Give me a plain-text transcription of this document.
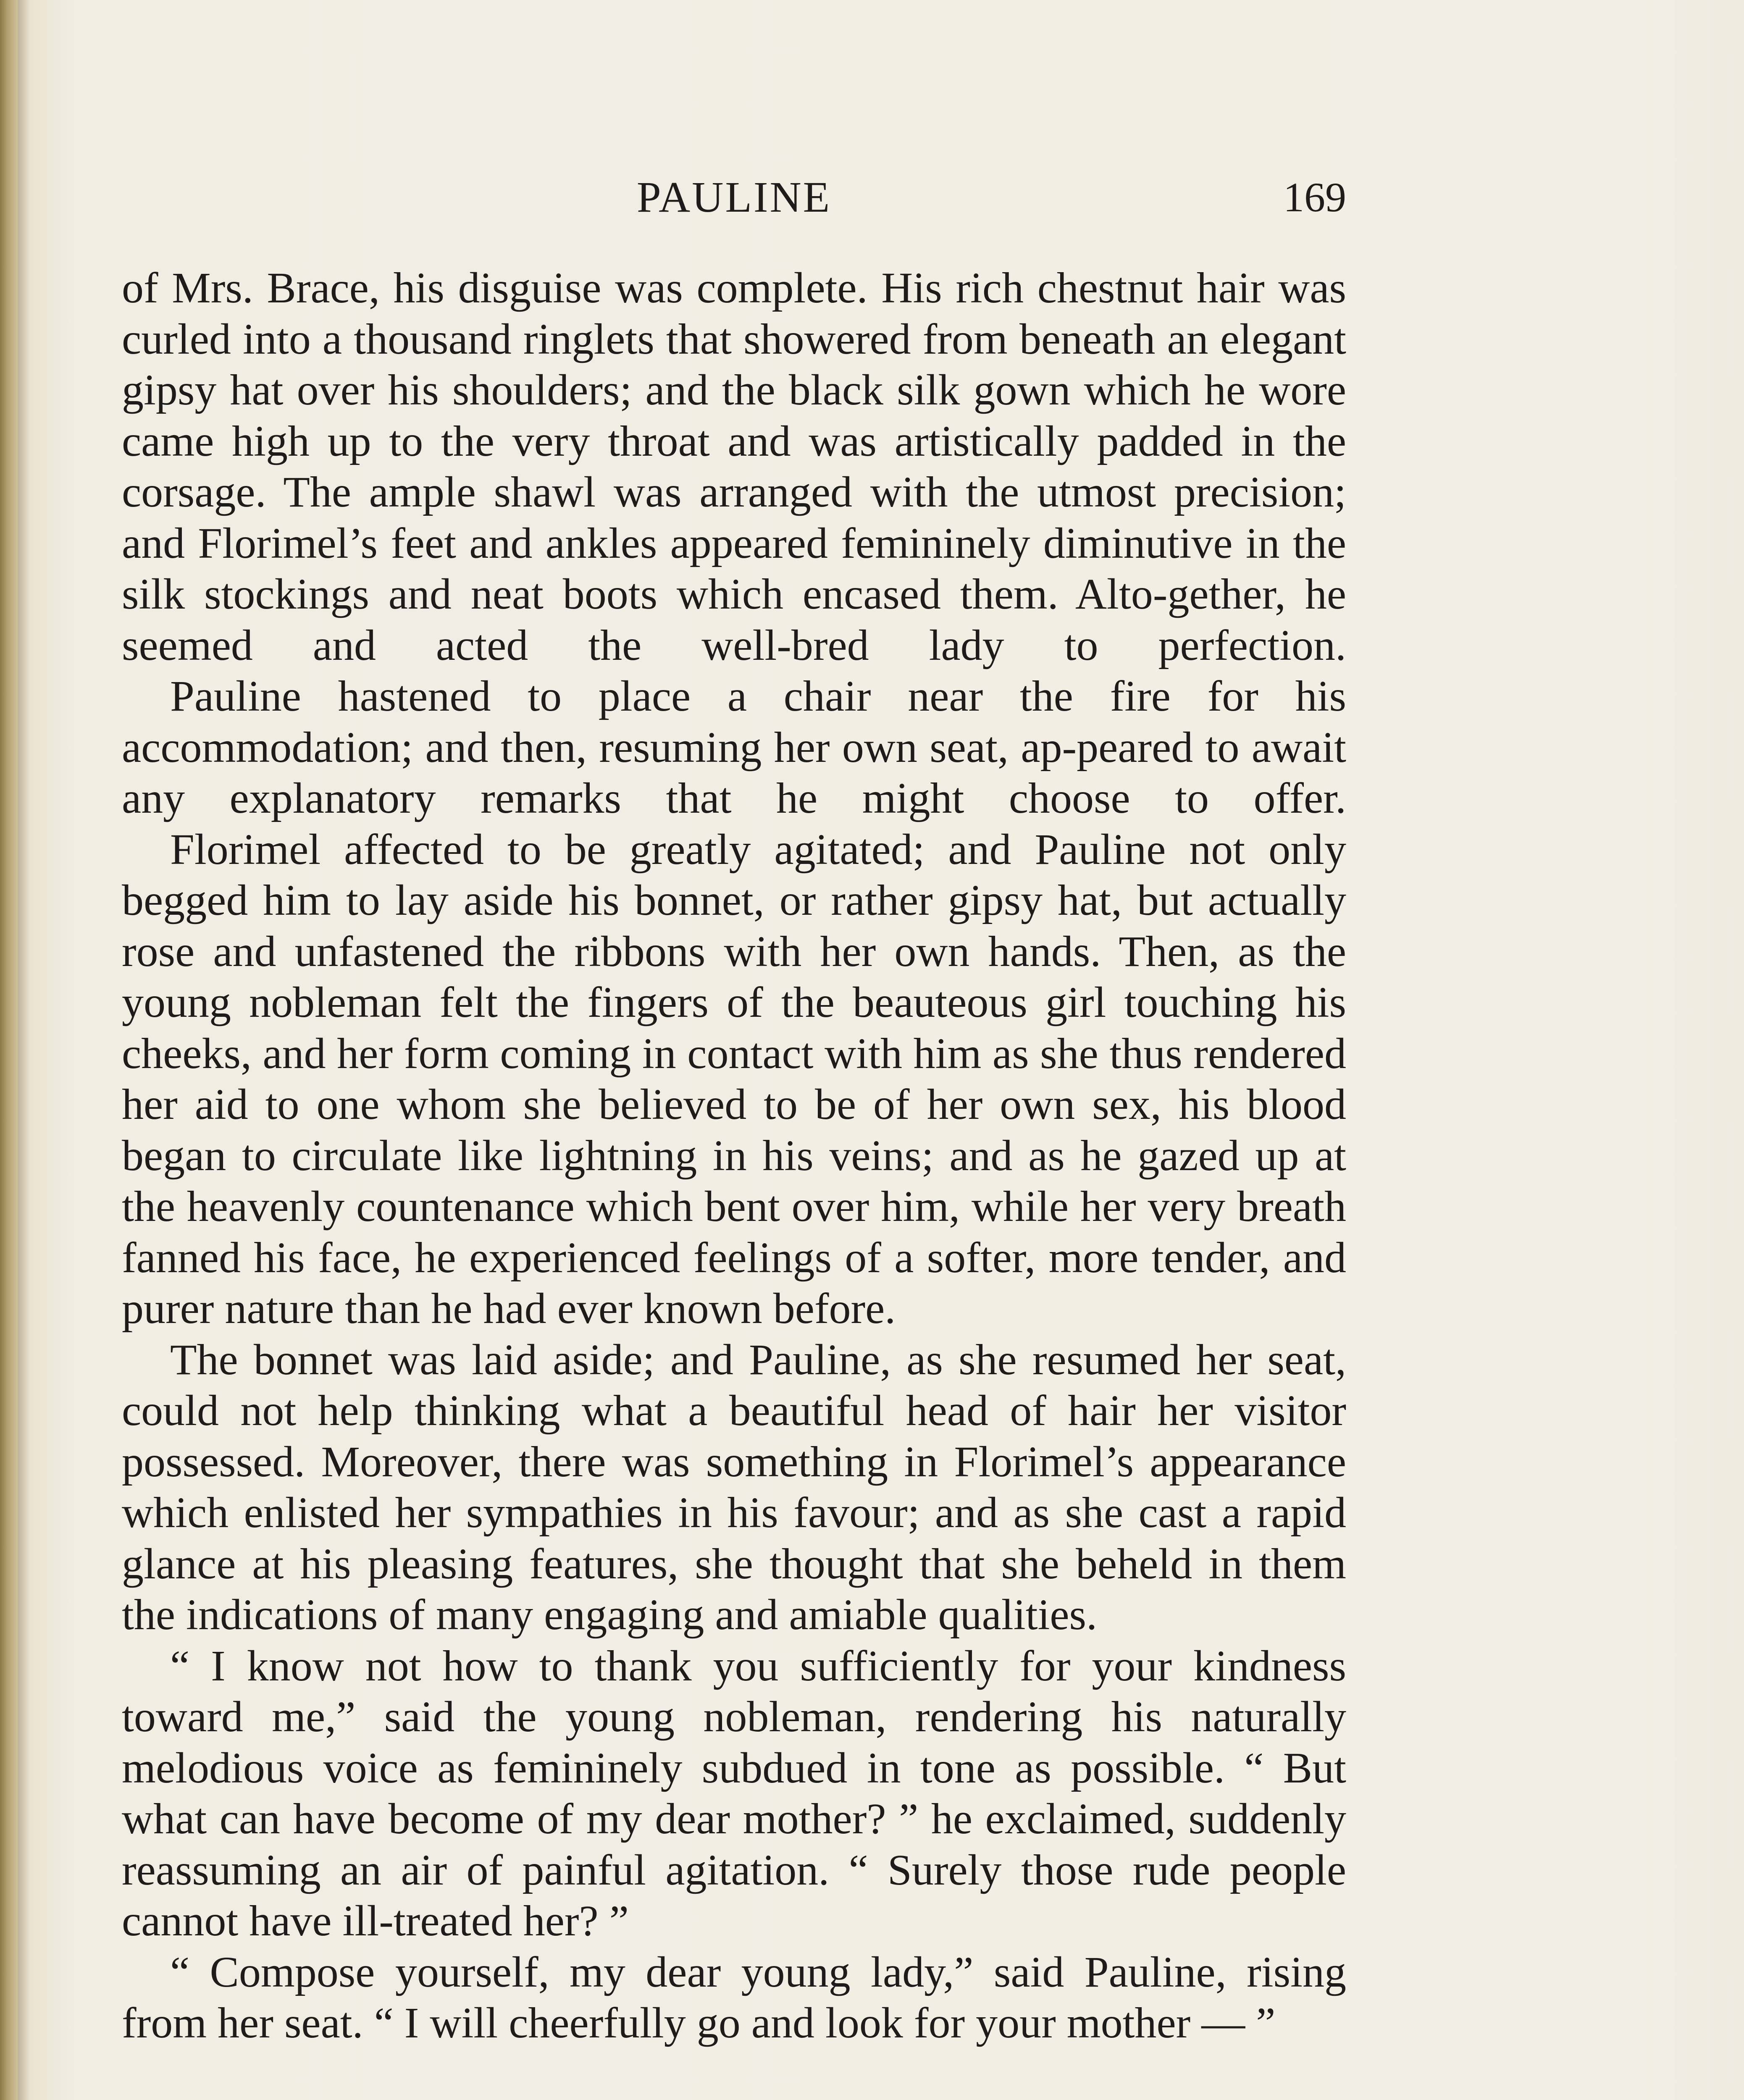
PAULINE	169

of Mrs. Brace, his disguise was complete. His rich chestnut hair was curled into a thousand ringlets that showered from beneath an elegant gipsy hat over his shoulders; and the black silk gown which he wore came high up to the very throat and was artistically padded in the corsage. The ample shawl was arranged with the utmost precision; and Florimel’s feet and ankles appeared femininely diminutive in the silk stockings and neat boots which encased them. Alto-gether, he seemed and acted the well-bred lady to perfection.

Pauline hastened to place a chair near the fire for his accommodation; and then, resuming her own seat, ap-peared to await any explanatory remarks that he might choose to offer.

Florimel affected to be greatly agitated; and Pauline not only begged him to lay aside his bonnet, or rather gipsy hat, but actually rose and unfastened the ribbons with her own hands. Then, as the young nobleman felt the fingers of the beauteous girl touching his cheeks, and her form coming in contact with him as she thus rendered her aid to one whom she believed to be of her own sex, his blood began to circulate like lightning in his veins; and as he gazed up at the heavenly countenance which bent over him, while her very breath fanned his face, he experienced feelings of a softer, more tender, and purer nature than he had ever known before.

The bonnet was laid aside; and Pauline, as she resumed her seat, could not help thinking what a beautiful head of hair her visitor possessed. Moreover, there was something in Florimel’s appearance which enlisted her sympathies in his favour; and as she cast a rapid glance at his pleasing features, she thought that she beheld in them the indications of many engaging and amiable qualities.

“ I know not how to thank you sufficiently for your kindness toward me,” said the young nobleman, rendering his naturally melodious voice as femininely subdued in tone as possible. “ But what can have become of my dear mother? ” he exclaimed, suddenly reassuming an air of painful agitation. “ Surely those rude people cannot have ill-treated her? ”

“ Compose yourself, my dear young lady,” said Pauline, rising from her seat. “ I will cheerfully go and look for your mother — ”
